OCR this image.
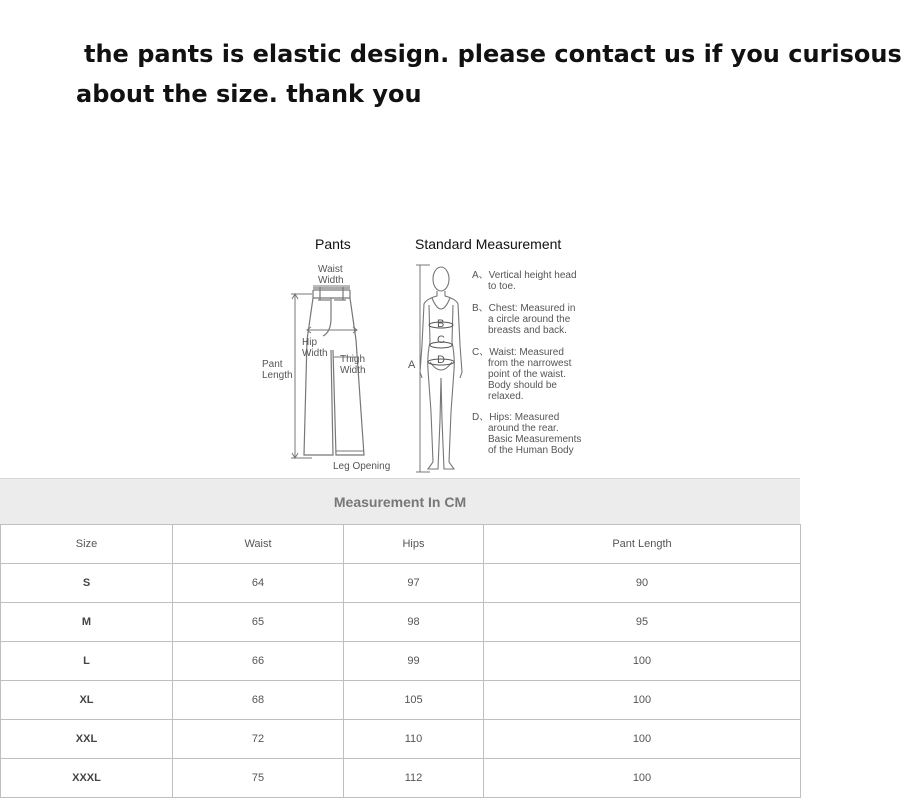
the pants is elastic design. please contact us if you curisous
about the size. thank you
Pants
Waist
Width
Pant
Length
Hip
Width
Thigh
Width
Leg Opening
Standard Measurement
A
B
C
D
A、Vertical height head
to toe.
B、Chest: Measured in
a circle around the
breasts and back.
C、Waist: Measured
from the narrowest
point of the waist.
Body should be
relaxed.
D、Hips: Measured
around the rear.
Basic Measurements
of the Human Body
Measurement In CM
Size	Waist	Hips	Pant Length
S	64	97	90
M	65	98	95
L	66	99	100
XL	68	105	100
XXL	72	110	100
XXXL	75	112	100
